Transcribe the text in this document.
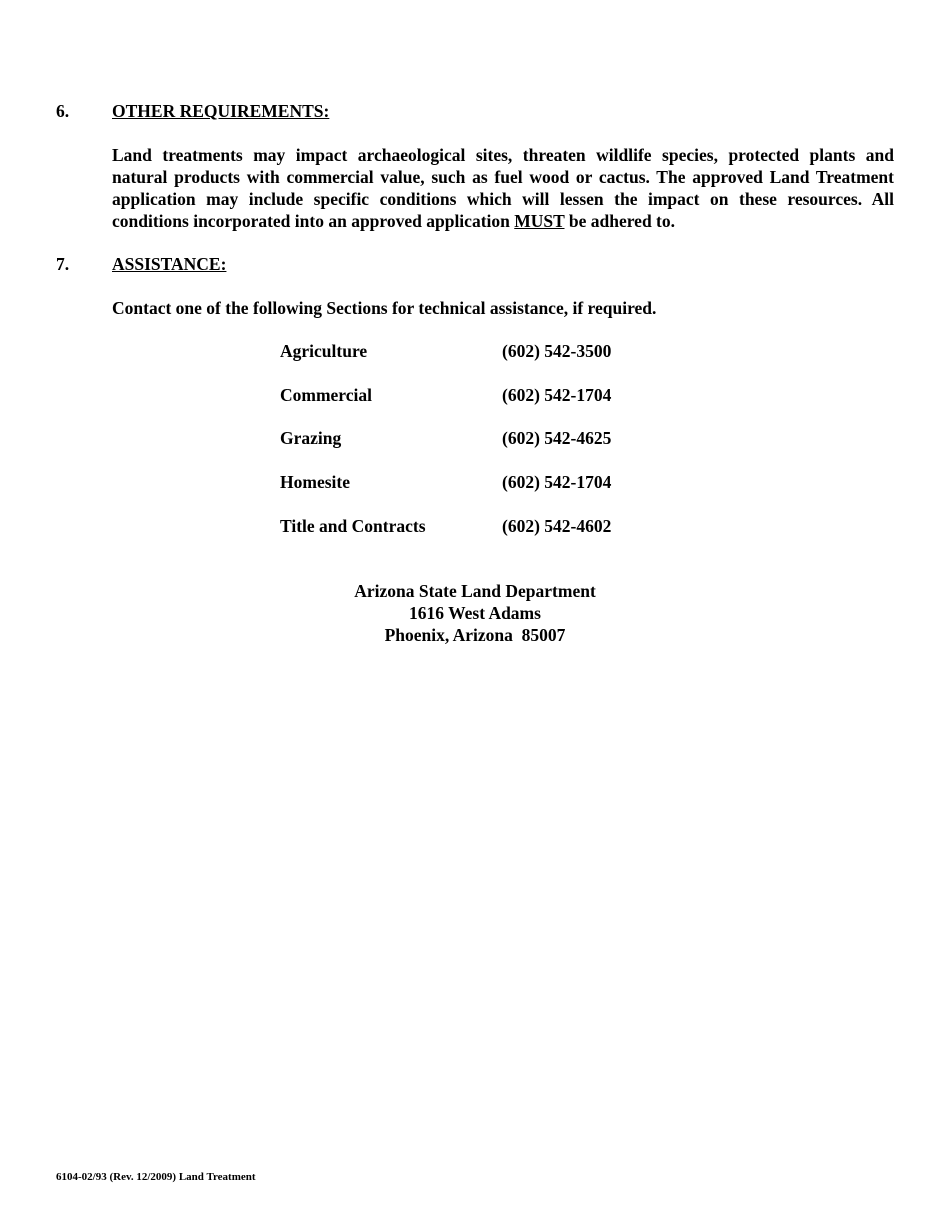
6. OTHER REQUIREMENTS:
Land treatments may impact archaeological sites, threaten wildlife species, protected plants and
natural products with commercial value, such as fuel wood or cactus. The approved Land Treatment
application may include specific conditions which will lessen the impact on these resources. All
conditions incorporated into an approved application MUST be adhered to.
7. ASSISTANCE:
Contact one of the following Sections for technical assistance, if required.
Agriculture	(602) 542-3500
Commercial	(602) 542-1704
Grazing	(602) 542-4625
Homesite	(602) 542-1704
Title and Contracts	(602) 542-4602
Arizona State Land Department
1616 West Adams
Phoenix, Arizona  85007
6104-02/93 (Rev. 12/2009) Land Treatment
